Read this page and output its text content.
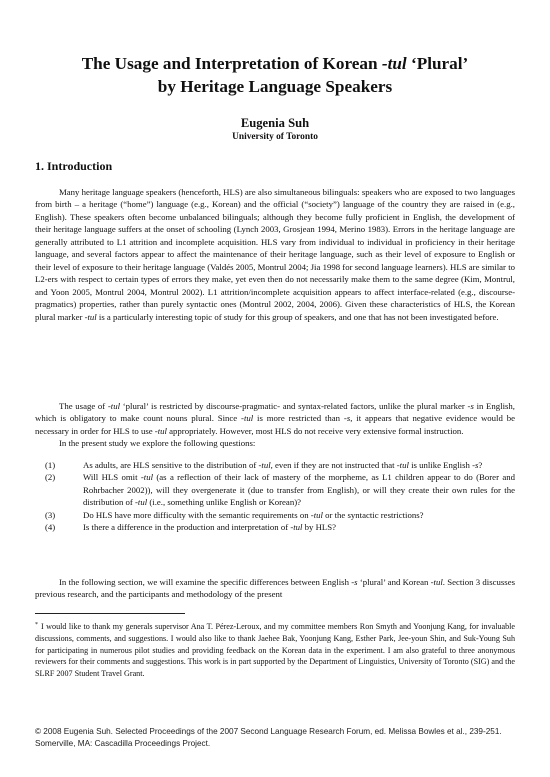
The Usage and Interpretation of Korean -tul ‘Plural’
by Heritage Language Speakers
Eugenia Suh
University of Toronto
1. Introduction

Many heritage language speakers (henceforth, HLS) are also simultaneous bilinguals: speakers who are exposed to two languages from birth – a heritage (“home”) language (e.g., Korean) and the official (“society”) language of the country they are raised in (e.g., English). These speakers often become unbalanced bilinguals; although they become fully proficient in English, the development of their heritage language suffers at the onset of schooling (Lynch 2003, Grosjean 1994, Merino 1983). Errors in the heritage language are generally attributed to L1 attrition and incomplete acquisition. HLS vary from individual to individual in proficiency in their heritage language, and several factors appear to affect the maintenance of their heritage language, such as their level of exposure to English or their level of exposure to their heritage language (Valdés 2005, Montrul 2004; Jia 1998 for second language learners). HLS are similar to L2-ers with respect to certain types of errors they make, yet even then do not necessarily make them to the same degree (Kim, Montrul, and Yoon 2005, Montrul 2004, Montrul 2002). L1 attrition/incomplete acquisition appears to affect interface-related (e.g., discourse-pragmatics) properties, rather than purely syntactic ones (Montrul 2002, 2004, 2006). Given these characteristics of HLS, the Korean plural marker -tul is a particularly interesting topic of study for this group of speakers, and one that has not been investigated before.

The usage of -tul ‘plural’ is restricted by discourse-pragmatic- and syntax-related factors, unlike the plural marker -s in English, which is obligatory to make count nouns plural. Since -tul is more restricted than -s, it appears that negative evidence would be necessary in order for HLS to use -tul appropriately. However, most HLS do not receive very extensive formal instruction.

In the present study we explore the following questions:

(1)	As adults, are HLS sensitive to the distribution of -tul, even if they are not instructed that -tul is unlike English -s?
(2)	Will HLS omit -tul (as a reflection of their lack of mastery of the morpheme, as L1 children appear to do (Borer and Rohrbacher 2002)), will they overgenerate it (due to transfer from English), or will they create their own rules for the distribution of -tul (i.e., something unlike English or Korean)?
(3)	Do HLS have more difficulty with the semantic requirements on -tul or the syntactic restrictions?
(4)	Is there a difference in the production and interpretation of -tul by HLS?

In the following section, we will examine the specific differences between English -s ‘plural’ and Korean -tul. Section 3 discusses previous research, and the participants and methodology of the present

* I would like to thank my generals supervisor Ana T. Pérez-Leroux, and my committee members Ron Smyth and Yoonjung Kang, for invaluable discussions, comments, and suggestions. I would also like to thank Jaehee Bak, Yoonjung Kang, Esther Park, Jee-youn Shin, and Suk-Young Suh for participating in numerous pilot studies and providing feedback on the Korean data in the experiment. I am also grateful to three anonymous reviewers for their comments and suggestions. This work is in part supported by the Department of Linguistics, University of Toronto (SIG) and the SLRF 2007 Student Travel Grant.

© 2008 Eugenia Suh. Selected Proceedings of the 2007 Second Language Research Forum, ed. Melissa Bowles et al., 239-251. Somerville, MA: Cascadilla Proceedings Project.
